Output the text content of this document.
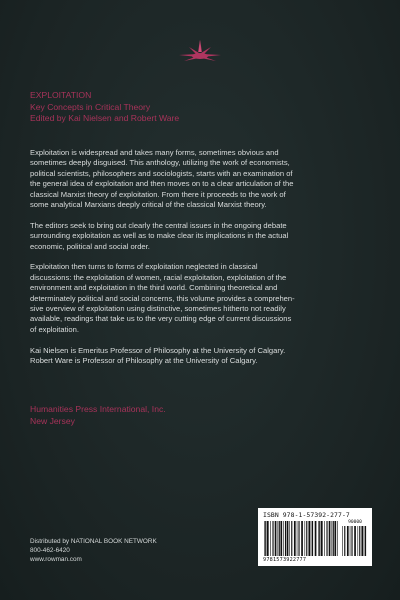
EXPLOITATION
Key Concepts in Critical Theory
Edited by Kai Nielsen and Robert Ware

Exploitation is widespread and takes many forms, sometimes obvious and
sometimes deeply disguised. This anthology, utilizing the work of economists,
political scientists, philosophers and sociologists, starts with an examination of
the general idea of exploitation and then moves on to a clear articulation of the
classical Marxist theory of exploitation. From there it proceeds to the work of
some analytical Marxians deeply critical of the classical Marxist theory.

The editors seek to bring out clearly the central issues in the ongoing debate
surrounding exploitation as well as to make clear its implications in the actual
economic, political and social order.

Exploitation then turns to forms of exploitation neglected in classical
discussions: the exploitation of women, racial exploitation, exploitation of the
environment and exploitation in the third world. Combining theoretical and
determinately political and social concerns, this volume provides a comprehen-
sive overview of exploitation using distinctive, sometimes hitherto not readily
available, readings that take us to the very cutting edge of current discussions
of exploitation.

Kai Nielsen is Emeritus Professor of Philosophy at the University of Calgary.
Robert Ware is Professor of Philosophy at the University of Calgary.

Humanities Press International, Inc.
New Jersey
Distributed by NATIONAL BOOK NETWORK
800-462-6420
www.rowman.com
ISBN 978-1-57392-277-7
90000
9781573922777
